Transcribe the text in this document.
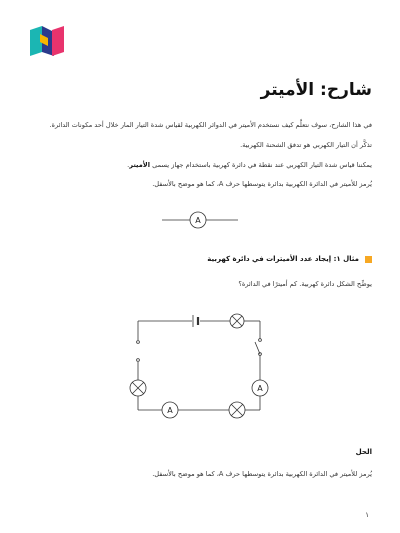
شارح: الأميتر

في هذا الشارح، سوف نتعلَّم كيف نستخدم الأميتر في الدوائر الكهربية لقياس شدة التيار المار خلال أحد مكونات الدائرة.

تذكَّر أن التيار الكهربي هو تدفق الشحنة الكهربية.

يمكننا قياس شدة التيار الكهربي عند نقطة في دائرة كهربية باستخدام جهاز يسمى الأميتر.

يُرمز للأميتر في الدائرة الكهربية بدائرة يتوسطها حرف A، كما هو موضح بالأسفل.

A
مثال ١: إيجاد عدد الأميترات في دائرة كهربية

يوضِّح الشكل دائرة كهربية. كم أميترًا في الدائرة؟

A
A
الحل

يُرمز للأميتر في الدائرة الكهربية بدائرة يتوسطها حرف A، كما هو موضح بالأسفل.

١
